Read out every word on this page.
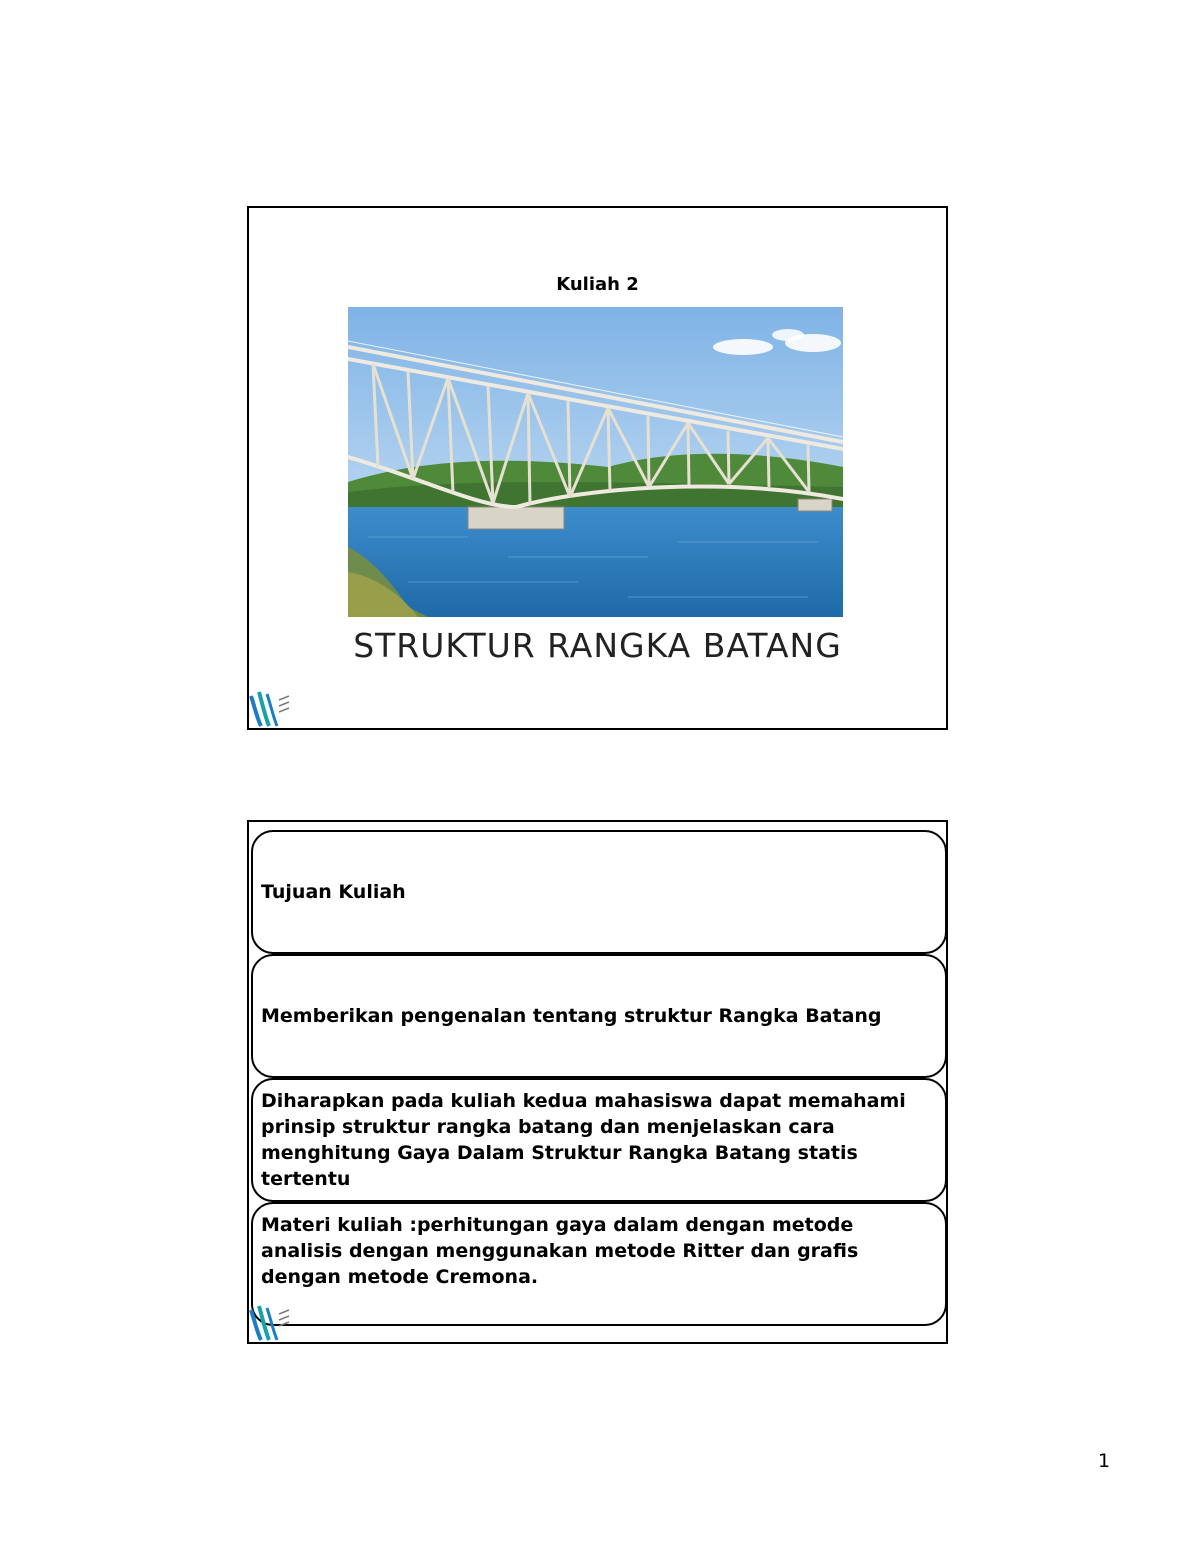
Kuliah 2
STRUKTUR RANGKA BATANG
Tujuan Kuliah
Memberikan pengenalan tentang struktur Rangka Batang
Diharapkan pada kuliah kedua mahasiswa dapat memahami prinsip struktur rangka batang dan menjelaskan cara menghitung Gaya Dalam Struktur Rangka Batang statis tertentu
Materi kuliah :perhitungan gaya dalam dengan metode analisis dengan menggunakan metode Ritter dan grafis dengan metode Cremona.
1
